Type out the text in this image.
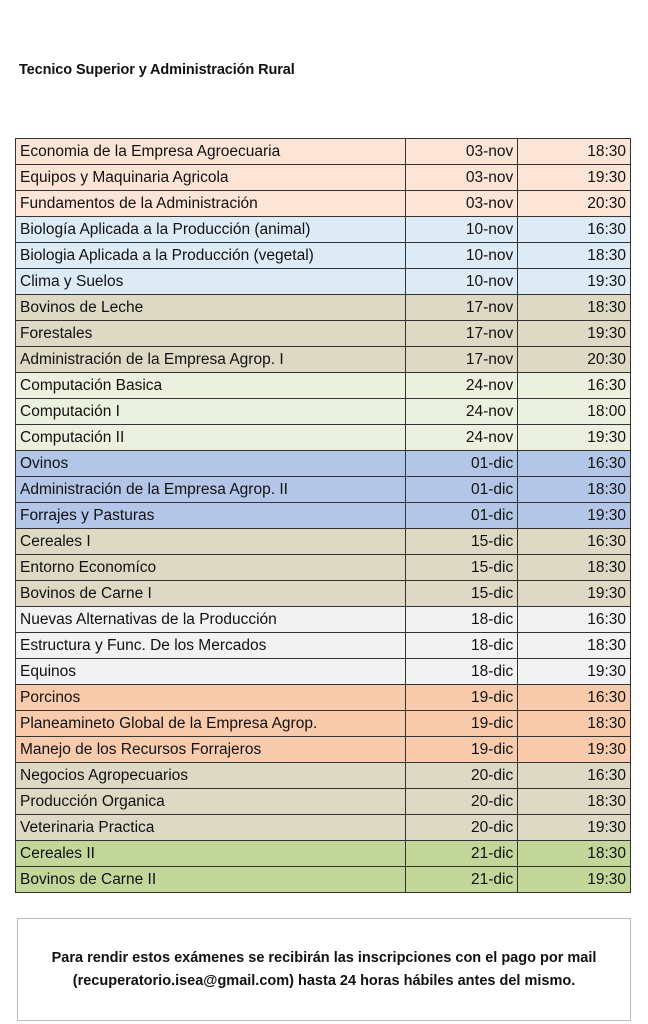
Tecnico Superior y Administración Rural
Economia de la Empresa Agroecuaria	03-nov	18:30
Equipos y Maquinaria Agricola	03-nov	19:30
Fundamentos de la Administración	03-nov	20:30
Biología Aplicada a la Producción (animal)	10-nov	16:30
Biologia Aplicada a la Producción (vegetal)	10-nov	18:30
Clima y Suelos	10-nov	19:30
Bovinos de Leche	17-nov	18:30
Forestales	17-nov	19:30
Administración de la Empresa Agrop. I	17-nov	20:30
Computación Basica	24-nov	16:30
Computación I	24-nov	18:00
Computación II	24-nov	19:30
Ovinos	01-dic	16:30
Administración de la Empresa Agrop. II	01-dic	18:30
Forrajes y Pasturas	01-dic	19:30
Cereales I	15-dic	16:30
Entorno Economíco	15-dic	18:30
Bovinos de Carne I	15-dic	19:30
Nuevas Alternativas de la Producción	18-dic	16:30
Estructura y Func. De los Mercados	18-dic	18:30
Equinos	18-dic	19:30
Porcinos	19-dic	16:30
Planeamineto Global de la Empresa Agrop.	19-dic	18:30
Manejo de los Recursos Forrajeros	19-dic	19:30
Negocios Agropecuarios	20-dic	16:30
Producción Organica	20-dic	18:30
Veterinaria Practica	20-dic	19:30
Cereales II	21-dic	18:30
Bovinos de Carne II	21-dic	19:30
Para rendir estos exámenes se recibirán las inscripciones con el pago por mail (recuperatorio.isea@gmail.com) hasta 24 horas hábiles antes del mismo.
